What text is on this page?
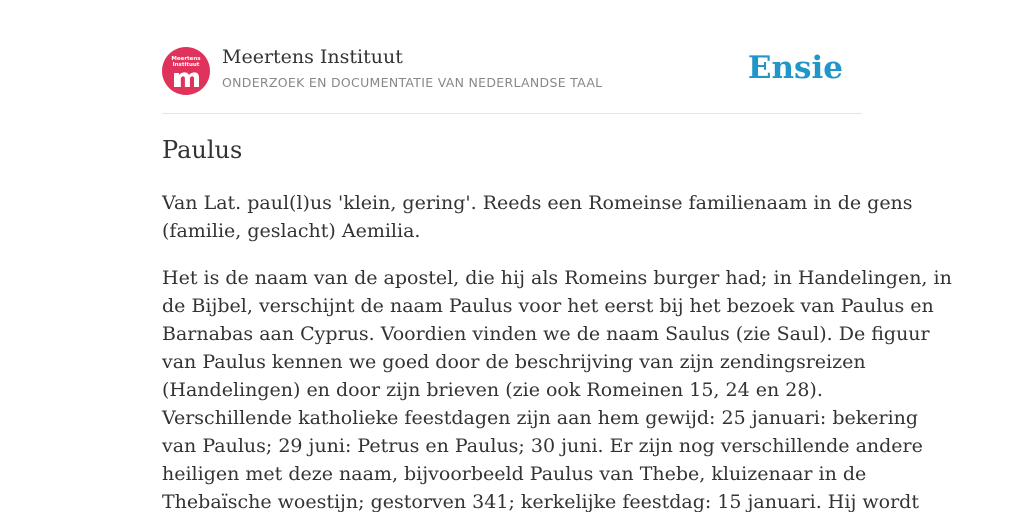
Meertens
Instituut	Meertens Instituut
ONDERZOEK EN DOCUMENTATIE VAN NEDERLANDSE TAAL	Ensie
Paulus

Van Lat. paul(l)us 'klein, gering'. Reeds een Romeinse familienaam in de gens
(familie, geslacht) Aemilia.

Het is de naam van de apostel, die hij als Romeins burger had; in Handelingen, in
de Bijbel, verschijnt de naam Paulus voor het eerst bij het bezoek van Paulus en
Barnabas aan Cyprus. Voordien vinden we de naam Saulus (zie Saul). De figuur
van Paulus kennen we goed door de beschrijving van zijn zendingsreizen
(Handelingen) en door zijn brieven (zie ook Romeinen 15, 24 en 28).
Verschillende katholieke feestdagen zijn aan hem gewijd: 25 januari: bekering
van Paulus; 29 juni: Petrus en Paulus; 30 juni. Er zijn nog verschillende andere
heiligen met deze naam, bijvoorbeeld Paulus van Thebe, kluizenaar in de
Thebaïsche woestijn; gestorven 341; kerkelijke feestdag: 15 januari. Hij wordt
